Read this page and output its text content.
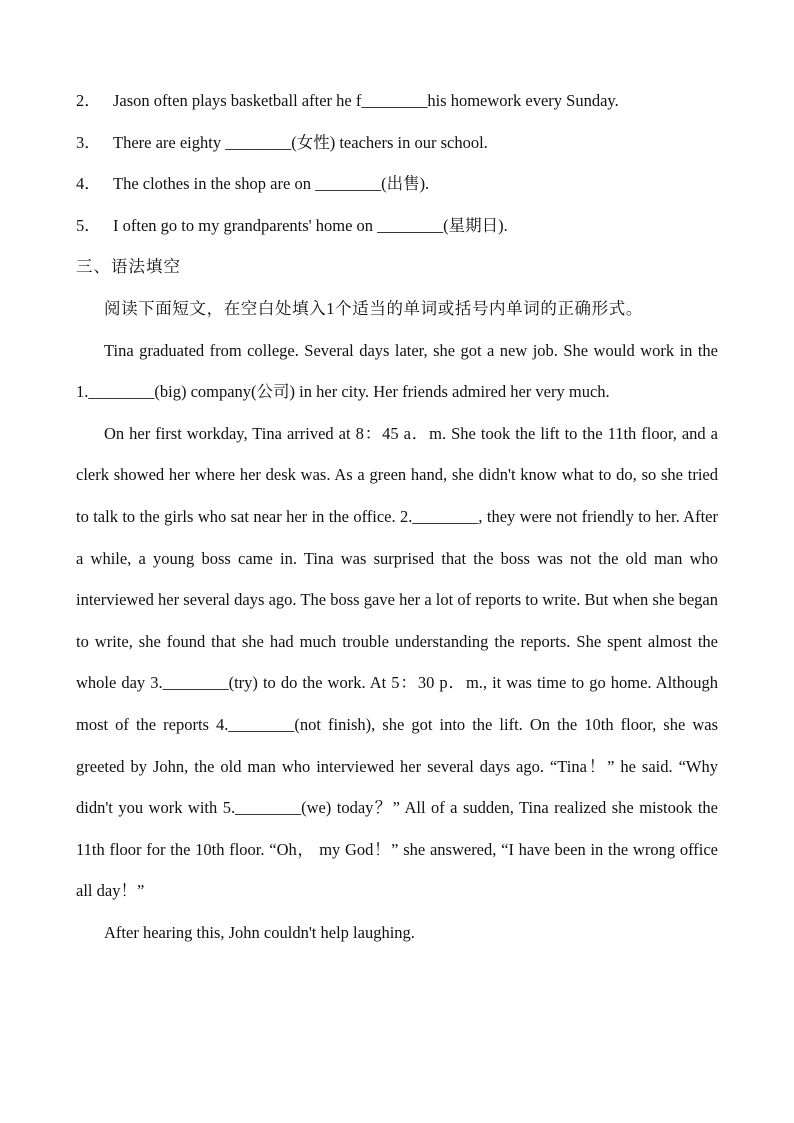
2． Jason often plays basketball after he f________his homework every Sunday.
3． There are eighty ________(女性) teachers in our school.
4． The clothes in the shop are on ________(出售).
5． I often go to my grandparents' home on ________(星期日).
三、语法填空

阅读下面短文，在空白处填入1个适当的单词或括号内单词的正确形式。

Tina graduated from college. Several days later, she got a new job. She would work in the 1.________(big) company(公司) in her city. Her friends admired her very much.

On her first workday, Tina arrived at 8：45 a．m. She took the lift to the 11th floor, and a clerk showed her where her desk was. As a green hand, she didn't know what to do, so she tried to talk to the girls who sat near her in the office. 2.________, they were not friendly to her. After a while, a young boss came in. Tina was surprised that the boss was not the old man who interviewed her several days ago. The boss gave her a lot of reports to write. But when she began to write, she found that she had much trouble understanding the reports. She spent almost the whole day 3.________(try) to do the work. At 5：30 p．m., it was time to go home. Although most of the reports 4.________(not finish), she got into the lift. On the 10th floor, she was greeted by John, the old man who interviewed her several days ago. “Tina！” he said. “Why didn't you work with 5.________(we) today？” All of a sudden, Tina realized she mistook the 11th floor for the 10th floor. “Oh， my God！” she answered, “I have been in the wrong office all day！”

After hearing this, John couldn't help laughing.
